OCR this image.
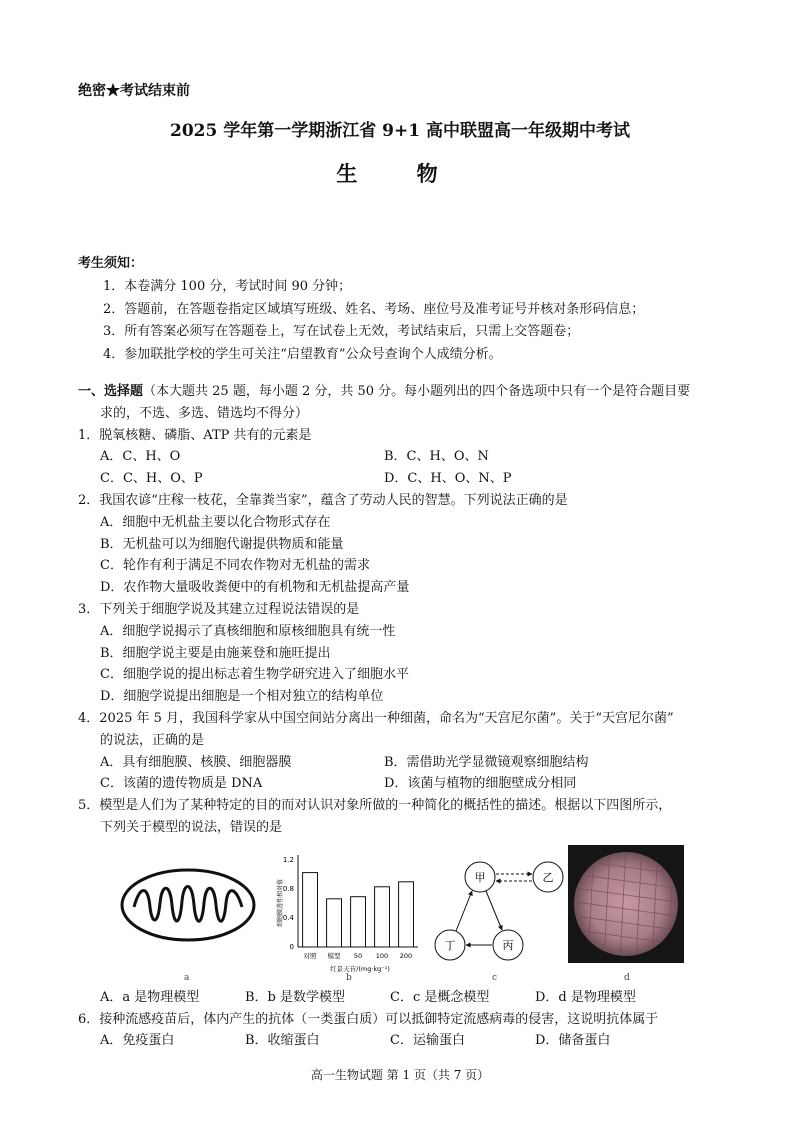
绝密★考试结束前
2025 学年第一学期浙江省 9+1 高中联盟高一年级期中考试
生 物
考生须知：
1．本卷满分 100 分，考试时间 90 分钟；
2．答题前，在答题卷指定区域填写班级、姓名、考场、座位号及准考证号并核对条形码信息；
3．所有答案必须写在答题卷上，写在试卷上无效，考试结束后，只需上交答题卷；
4．参加联批学校的学生可关注“启望教育”公众号查询个人成绩分析。
一、选择题（本大题共 25 题，每小题 2 分，共 50 分。每小题列出的四个备选项中只有一个是符合题目要
求的，不选、多选、错选均不得分）
1．脱氧核糖、磷脂、ATP 共有的元素是
A．C、H、O	B．C、H、O、N
C．C、H、O、P	D．C、H、O、N、P
2．我国农谚“庄稼一枝花，全靠粪当家”，蕴含了劳动人民的智慧。下列说法正确的是
A．细胞中无机盐主要以化合物形式存在
B．无机盐可以为细胞代谢提供物质和能量
C．轮作有利于满足不同农作物对无机盐的需求
D．农作物大量吸收粪便中的有机物和无机盐提高产量
3．下列关于细胞学说及其建立过程说法错误的是
A．细胞学说揭示了真核细胞和原核细胞具有统一性
B．细胞学说主要是由施莱登和施旺提出
C．细胞学说的提出标志着生物学研究进入了细胞水平
D．细胞学说提出细胞是一个相对独立的结构单位
4．2025 年 5 月，我国科学家从中国空间站分离出一种细菌，命名为“天宫尼尔菌”。关于“天宫尼尔菌”
的说法，正确的是
A．具有细胞膜、核膜、细胞器膜	B．需借助光学显微镜观察细胞结构
C．该菌的遗传物质是 DNA	D．该菌与植物的细胞壁成分相同
5．模型是人们为了某种特定的目的而对认识对象所做的一种简化的概括性的描述。根据以下四图所示，
下列关于模型的说法，错误的是
a
细胞膜透性相对值
0
0.4
0.8
1.2
对照 模型 50 100 200
红景天苷/(mg·kg⁻¹)
b
甲	乙
丁	丙
c	d
A．a 是物理模型	B．b 是数学模型	C．c 是概念模型	D．d 是物理模型
6．接种流感疫苗后，体内产生的抗体（一类蛋白质）可以抵御特定流感病毒的侵害，这说明抗体属于
A．免疫蛋白	B．收缩蛋白	C．运输蛋白	D．储备蛋白
高一生物试题 第 1 页（共 7 页）
